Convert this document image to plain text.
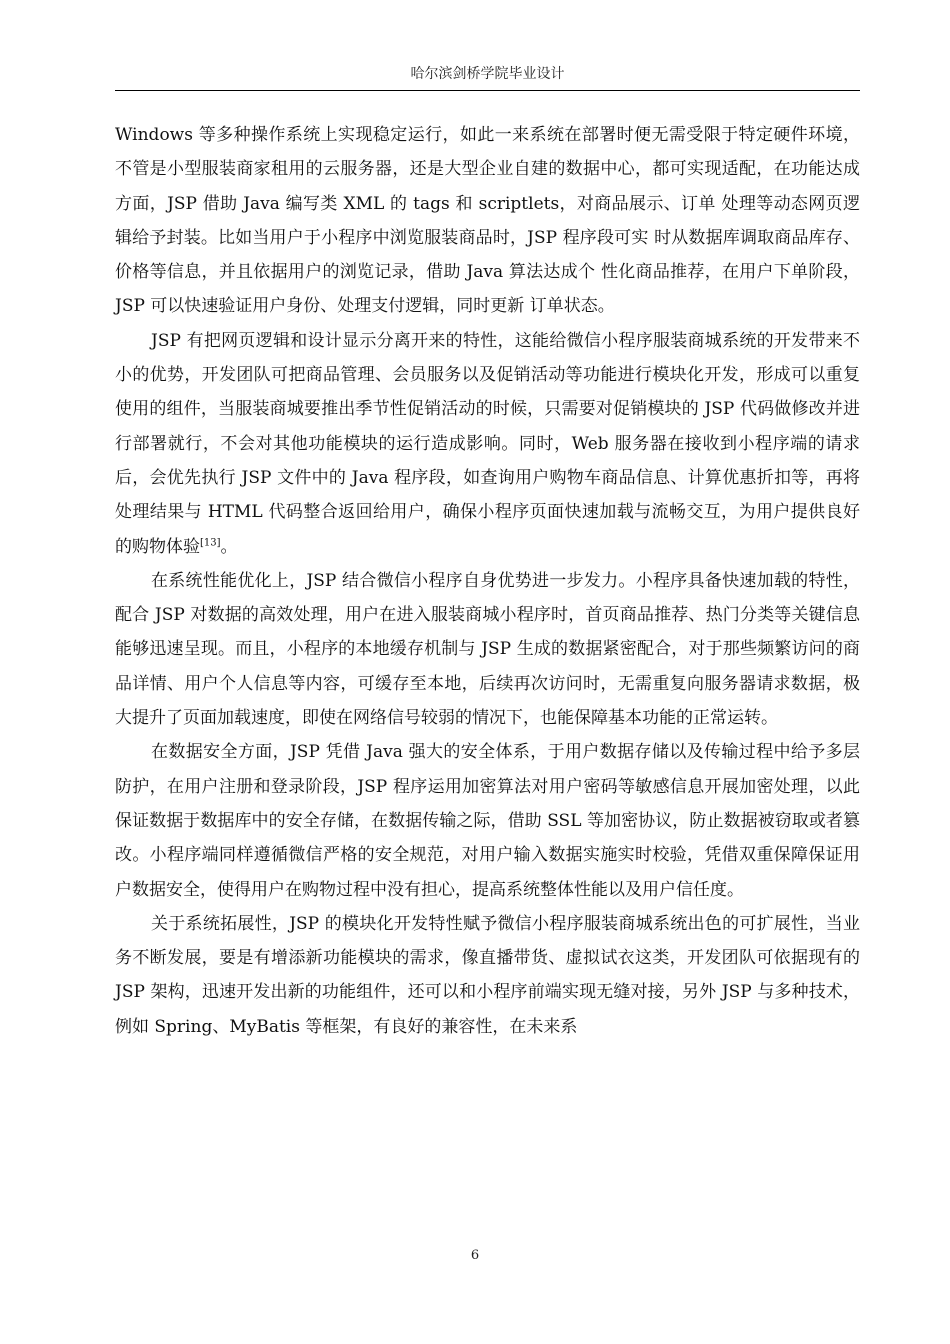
哈尔滨剑桥学院毕业设计

Windows 等多种操作系统上实现稳定运行，如此一来系统在部署时便无需受限于特定硬件环境，不管是小型服装商家租用的云服务器，还是大型企业自建的数据中心，都可实现适配，在功能达成方面，JSP 借助 Java 编写类 XML 的 tags 和 scriptlets，对商品展示、订单 处理等动态网页逻辑给予封装。比如当用户于小程序中浏览服装商品时，JSP 程序段可实 时从数据库调取商品库存、价格等信息，并且依据用户的浏览记录，借助 Java 算法达成个 性化商品推荐，在用户下单阶段，JSP 可以快速验证用户身份、处理支付逻辑，同时更新 订单状态。

JSP 有把网页逻辑和设计显示分离开来的特性，这能给微信小程序服装商城系统的开发带来不小的优势，开发团队可把商品管理、会员服务以及促销活动等功能进行模块化开发，形成可以重复使用的组件，当服装商城要推出季节性促销活动的时候，只需要对促销模块的 JSP 代码做修改并进行部署就行，不会对其他功能模块的运行造成影响。同时，Web 服务器在接收到小程序端的请求后，会优先执行 JSP 文件中的 Java 程序段，如查询用户购物车商品信息、计算优惠折扣等，再将处理结果与 HTML 代码整合返回给用户，确保小程序页面快速加载与流畅交互，为用户提供良好的购物体验[13]。

在系统性能优化上，JSP 结合微信小程序自身优势进一步发力。小程序具备快速加载的特性，配合 JSP 对数据的高效处理，用户在进入服装商城小程序时，首页商品推荐、热门分类等关键信息能够迅速呈现。而且，小程序的本地缓存机制与 JSP 生成的数据紧密配合，对于那些频繁访问的商品详情、用户个人信息等内容，可缓存至本地，后续再次访问时，无需重复向服务器请求数据，极大提升了页面加载速度，即使在网络信号较弱的情况下，也能保障基本功能的正常运转。

在数据安全方面，JSP 凭借 Java 强大的安全体系，于用户数据存储以及传输过程中给予多层防护，在用户注册和登录阶段，JSP 程序运用加密算法对用户密码等敏感信息开展加密处理，以此保证数据于数据库中的安全存储，在数据传输之际，借助 SSL 等加密协议，防止数据被窃取或者篡改。小程序端同样遵循微信严格的安全规范，对用户输入数据实施实时校验，凭借双重保障保证用户数据安全，使得用户在购物过程中没有担心，提高系统整体性能以及用户信任度。

关于系统拓展性，JSP 的模块化开发特性赋予微信小程序服装商城系统出色的可扩展性，当业务不断发展，要是有增添新功能模块的需求，像直播带货、虚拟试衣这类，开发团队可依据现有的 JSP 架构，迅速开发出新的功能组件，还可以和小程序前端实现无缝对接，另外 JSP 与多种技术，例如 Spring、MyBatis 等框架，有良好的兼容性，在未来系

6
